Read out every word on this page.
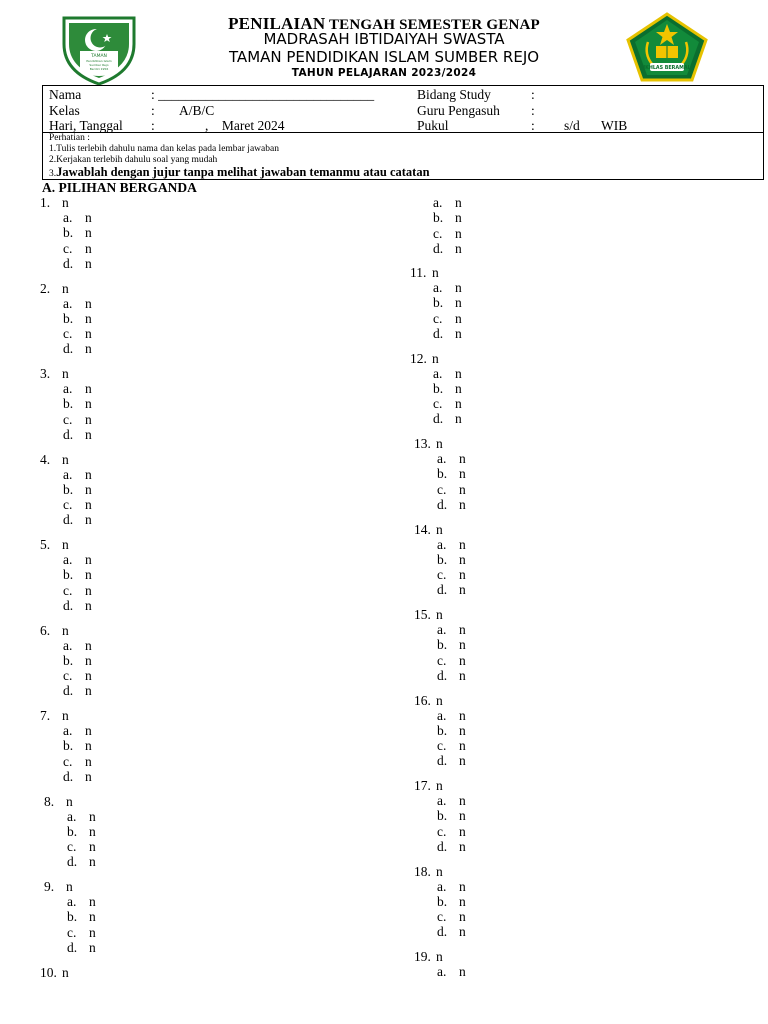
PENILAIAN TENGAH SEMESTER GENAP
MADRASAH IBTIDAIYAH SWASTA
TAMAN PENDIDIKAN ISLAM SUMBER REJO
TAHUN PELAJARAN 2023/2024
TAMAN
Pendidikan Islam
Sumber Rejo
Berdiri 1956	IKHLAS BERAMAL
Nama	: ________________________________
Kelas	: A/B/C
Hari, Tanggal :	,    Maret 2024
Bidang Study	:
Guru Pengasuh :
Pukul	: s/d WIB
Perhatian :
1.Tulis terlebih dahulu nama dan kelas pada lembar jawaban
2.Kerjakan terlebih dahulu soal yang mudah
3.Jawablah dengan jujur tanpa melihat jawaban temanmu atau catatan
A. PILIHAN BERGANDA
1. n
a. n
b. n
c. n
d. n
2. n
a. n
b. n
c. n
d. n
3. n
a. n
b. n
c. n
d. n
4. n
a. n
b. n
c. n
d. n
5. n
a. n
b. n
c. n
d. n
6. n
a. n
b. n
c. n
d. n
7. n
a. n
b. n
c. n
d. n
8. n
a. n
b. n
c. n
d. n
9. n
a. n
b. n
c. n
d. n
10. n
a. n
b. n
c. n
d. n
11. n
a. n
b. n
c. n
d. n
12. n
a. n
b. n
c. n
d. n
13. n
a. n
b. n
c. n
d. n
14. n
a. n
b. n
c. n
d. n
15. n
a. n
b. n
c. n
d. n
16. n
a. n
b. n
c. n
d. n
17. n
a. n
b. n
c. n
d. n
18. n
a. n
b. n
c. n
d. n
19. n
a. n
